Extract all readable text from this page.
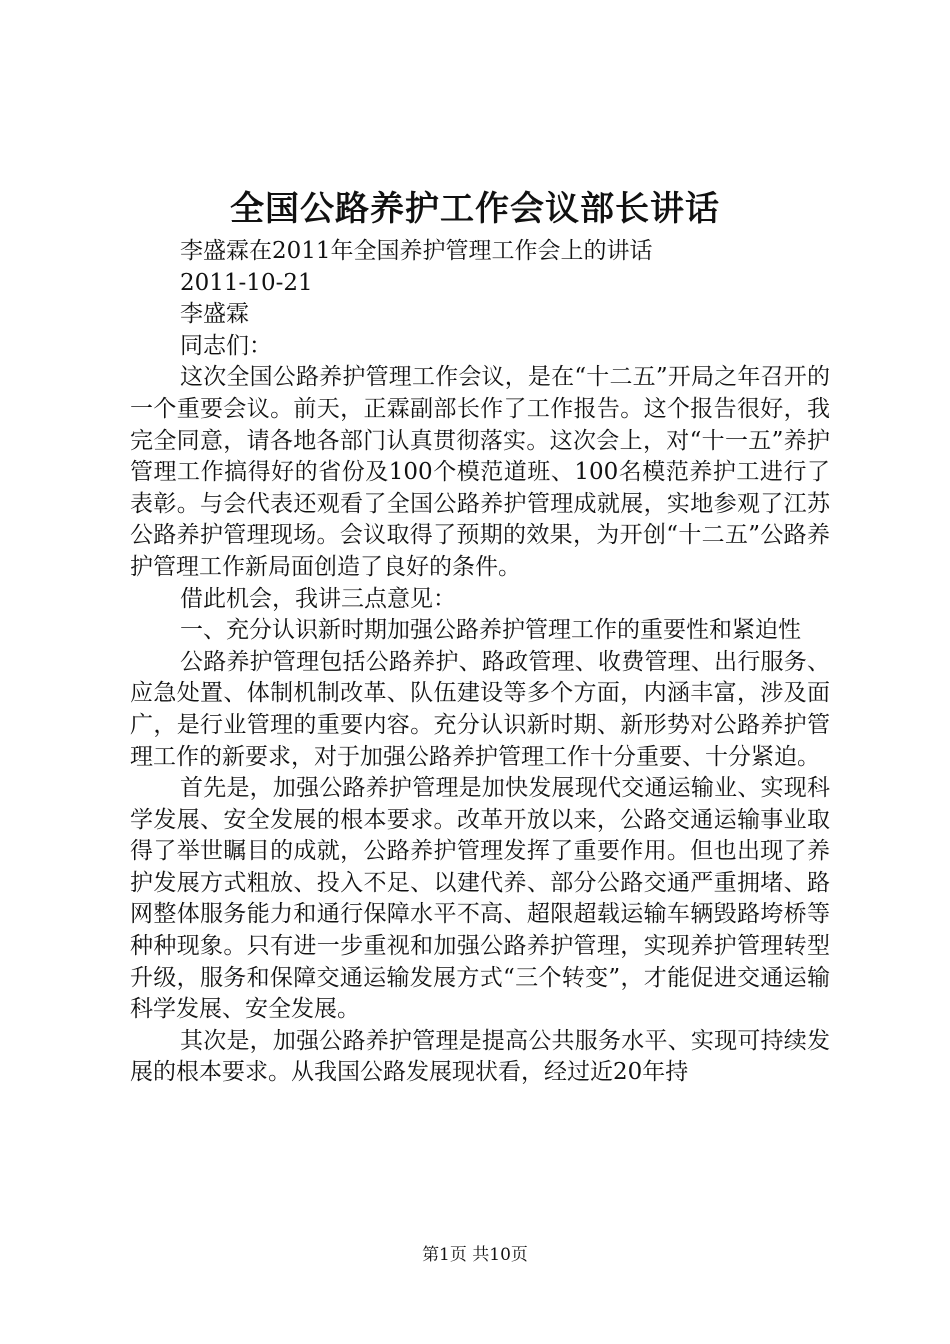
全国公路养护工作会议部长讲话

李盛霖在2011年全国养护管理工作会上的讲话

2011-10-21

李盛霖

同志们：

这次全国公路养护管理工作会议，是在“十二五”开局之年召开的一个重要会议。前天，正霖副部长作了工作报告。这个报告很好，我完全同意，请各地各部门认真贯彻落实。这次会上，对“十一五”养护管理工作搞得好的省份及100个模范道班、100名模范养护工进行了表彰。与会代表还观看了全国公路养护管理成就展，实地参观了江苏公路养护管理现场。会议取得了预期的效果，为开创“十二五”公路养护管理工作新局面创造了良好的条件。

借此机会，我讲三点意见：

一、充分认识新时期加强公路养护管理工作的重要性和紧迫性

公路养护管理包括公路养护、路政管理、收费管理、出行服务、应急处置、体制机制改革、队伍建设等多个方面，内涵丰富，涉及面广，是行业管理的重要内容。充分认识新时期、新形势对公路养护管理工作的新要求，对于加强公路养护管理工作十分重要、十分紧迫。

首先是，加强公路养护管理是加快发展现代交通运输业、实现科学发展、安全发展的根本要求。改革开放以来，公路交通运输事业取得了举世瞩目的成就，公路养护管理发挥了重要作用。但也出现了养护发展方式粗放、投入不足、以建代养、部分公路交通严重拥堵、路网整体服务能力和通行保障水平不高、超限超载运输车辆毁路垮桥等种种现象。只有进一步重视和加强公路养护管理，实现养护管理转型升级，服务和保障交通运输发展方式“三个转变”，才能促进交通运输科学发展、安全发展。

其次是，加强公路养护管理是提高公共服务水平、实现可持续发展的根本要求。从我国公路发展现状看，经过近20年持

第1页 共10页
